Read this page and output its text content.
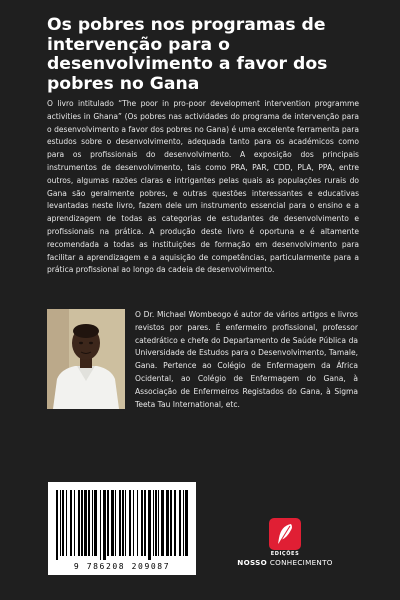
Os pobres nos programas de intervenção para o desenvolvimento a favor dos pobres no Gana

O livro intitulado “The poor in pro-poor development intervention programme activities in Ghana” (Os pobres nas actividades do programa de intervenção para o desenvolvimento a favor dos pobres no Gana) é uma excelente ferramenta para estudos sobre o desenvolvimento, adequada tanto para os académicos como para os profissionais do desenvolvimento. A exposição dos principais instrumentos de desenvolvimento, tais como PRA, PAR, CDD, PLA, PPA, entre outros, algumas razões claras e intrigantes pelas quais as populações rurais do Gana são geralmente pobres, e outras questões interessantes e educativas levantadas neste livro, fazem dele um instrumento essencial para o ensino e a aprendizagem de todas as categorias de estudantes de desenvolvimento e profissionais na prática. A produção deste livro é oportuna e é altamente recomendada a todas as instituições de formação em desenvolvimento para facilitar a aprendizagem e a aquisição de competências, particularmente para a prática profissional ao longo da cadeia de desenvolvimento.

O Dr. Michael Wombeogo é autor de vários artigos e livros revistos por pares. É enfermeiro profissional, professor catedrático e chefe do Departamento de Saúde Pública da Universidade de Estudos para o Desenvolvimento, Tamale, Gana. Pertence ao Colégio de Enfermagem da África Ocidental, ao Colégio de Enfermagem do Gana, à Associação de Enfermeiros Registados do Gana, à Sigma Teeta Tau International, etc.

9 786208 209087
EDIÇÕES
NOSSO CONHECIMENTO
